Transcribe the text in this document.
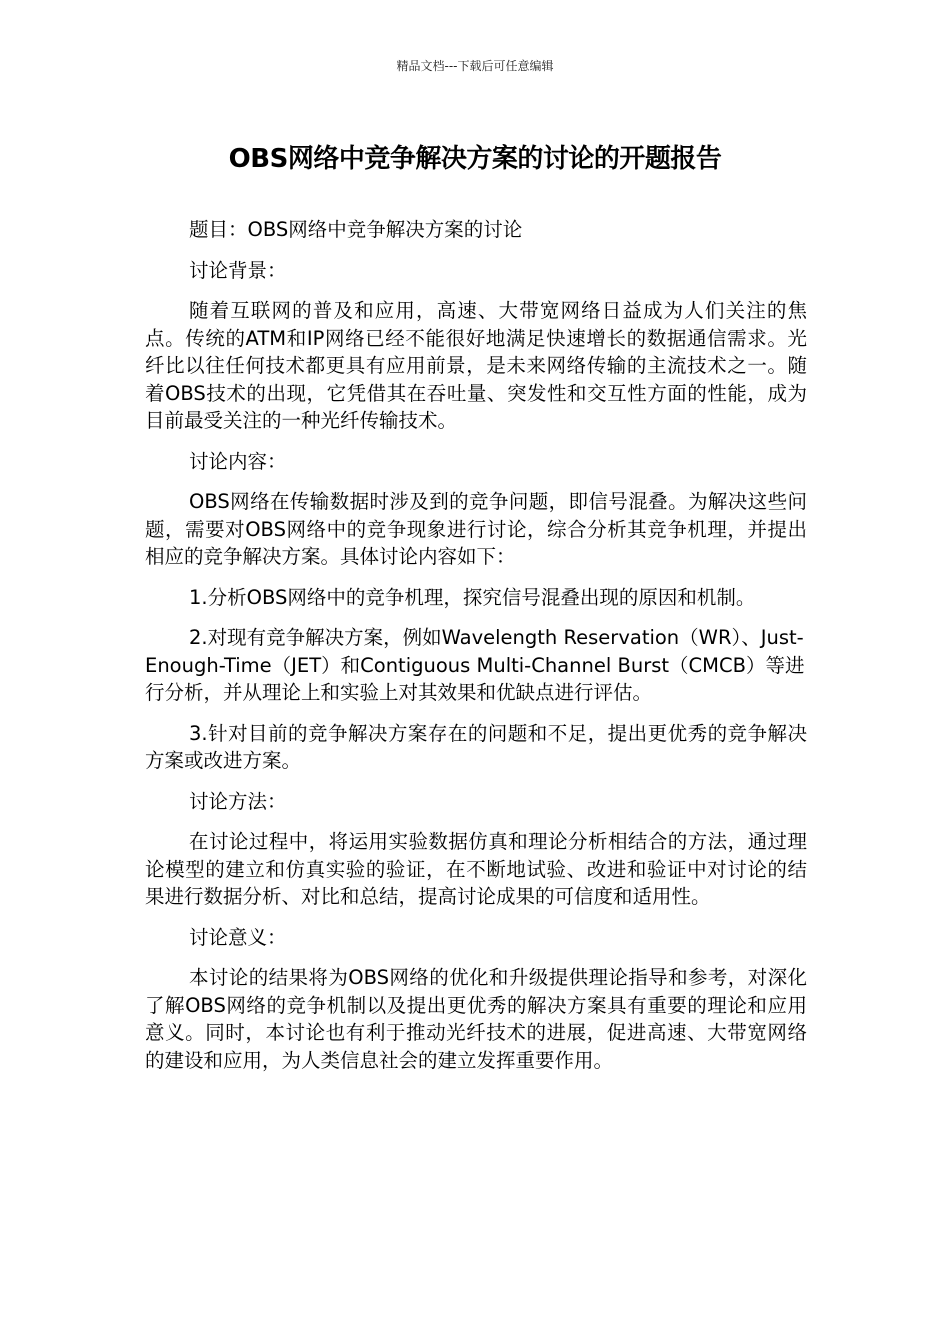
精品文档---下载后可任意编辑
OBS网络中竞争解决方案的讨论的开题报告

题目：OBS网络中竞争解决方案的讨论

讨论背景：

随着互联网的普及和应用，高速、大带宽网络日益成为人们关注的焦点。传统的ATM和IP网络已经不能很好地满足快速增长的数据通信需求。光纤比以往任何技术都更具有应用前景，是未来网络传输的主流技术之一。随着OBS技术的出现，它凭借其在吞吐量、突发性和交互性方面的性能，成为目前最受关注的一种光纤传输技术。

讨论内容：

OBS网络在传输数据时涉及到的竞争问题，即信号混叠。为解决这些问题，需要对OBS网络中的竞争现象进行讨论，综合分析其竞争机理，并提出相应的竞争解决方案。具体讨论内容如下：

1.分析OBS网络中的竞争机理，探究信号混叠出现的原因和机制。

2.对现有竞争解决方案，例如Wavelength Reservation（WR）、Just-Enough-Time（JET）和Contiguous Multi-Channel Burst（CMCB）等进行分析，并从理论上和实验上对其效果和优缺点进行评估。

3.针对目前的竞争解决方案存在的问题和不足，提出更优秀的竞争解决方案或改进方案。

讨论方法：

在讨论过程中，将运用实验数据仿真和理论分析相结合的方法，通过理论模型的建立和仿真实验的验证，在不断地试验、改进和验证中对讨论的结果进行数据分析、对比和总结，提高讨论成果的可信度和适用性。

讨论意义：

本讨论的结果将为OBS网络的优化和升级提供理论指导和参考，对深化了解OBS网络的竞争机制以及提出更优秀的解决方案具有重要的理论和应用意义。同时，本讨论也有利于推动光纤技术的进展，促进高速、大带宽网络的建设和应用，为人类信息社会的建立发挥重要作用。
